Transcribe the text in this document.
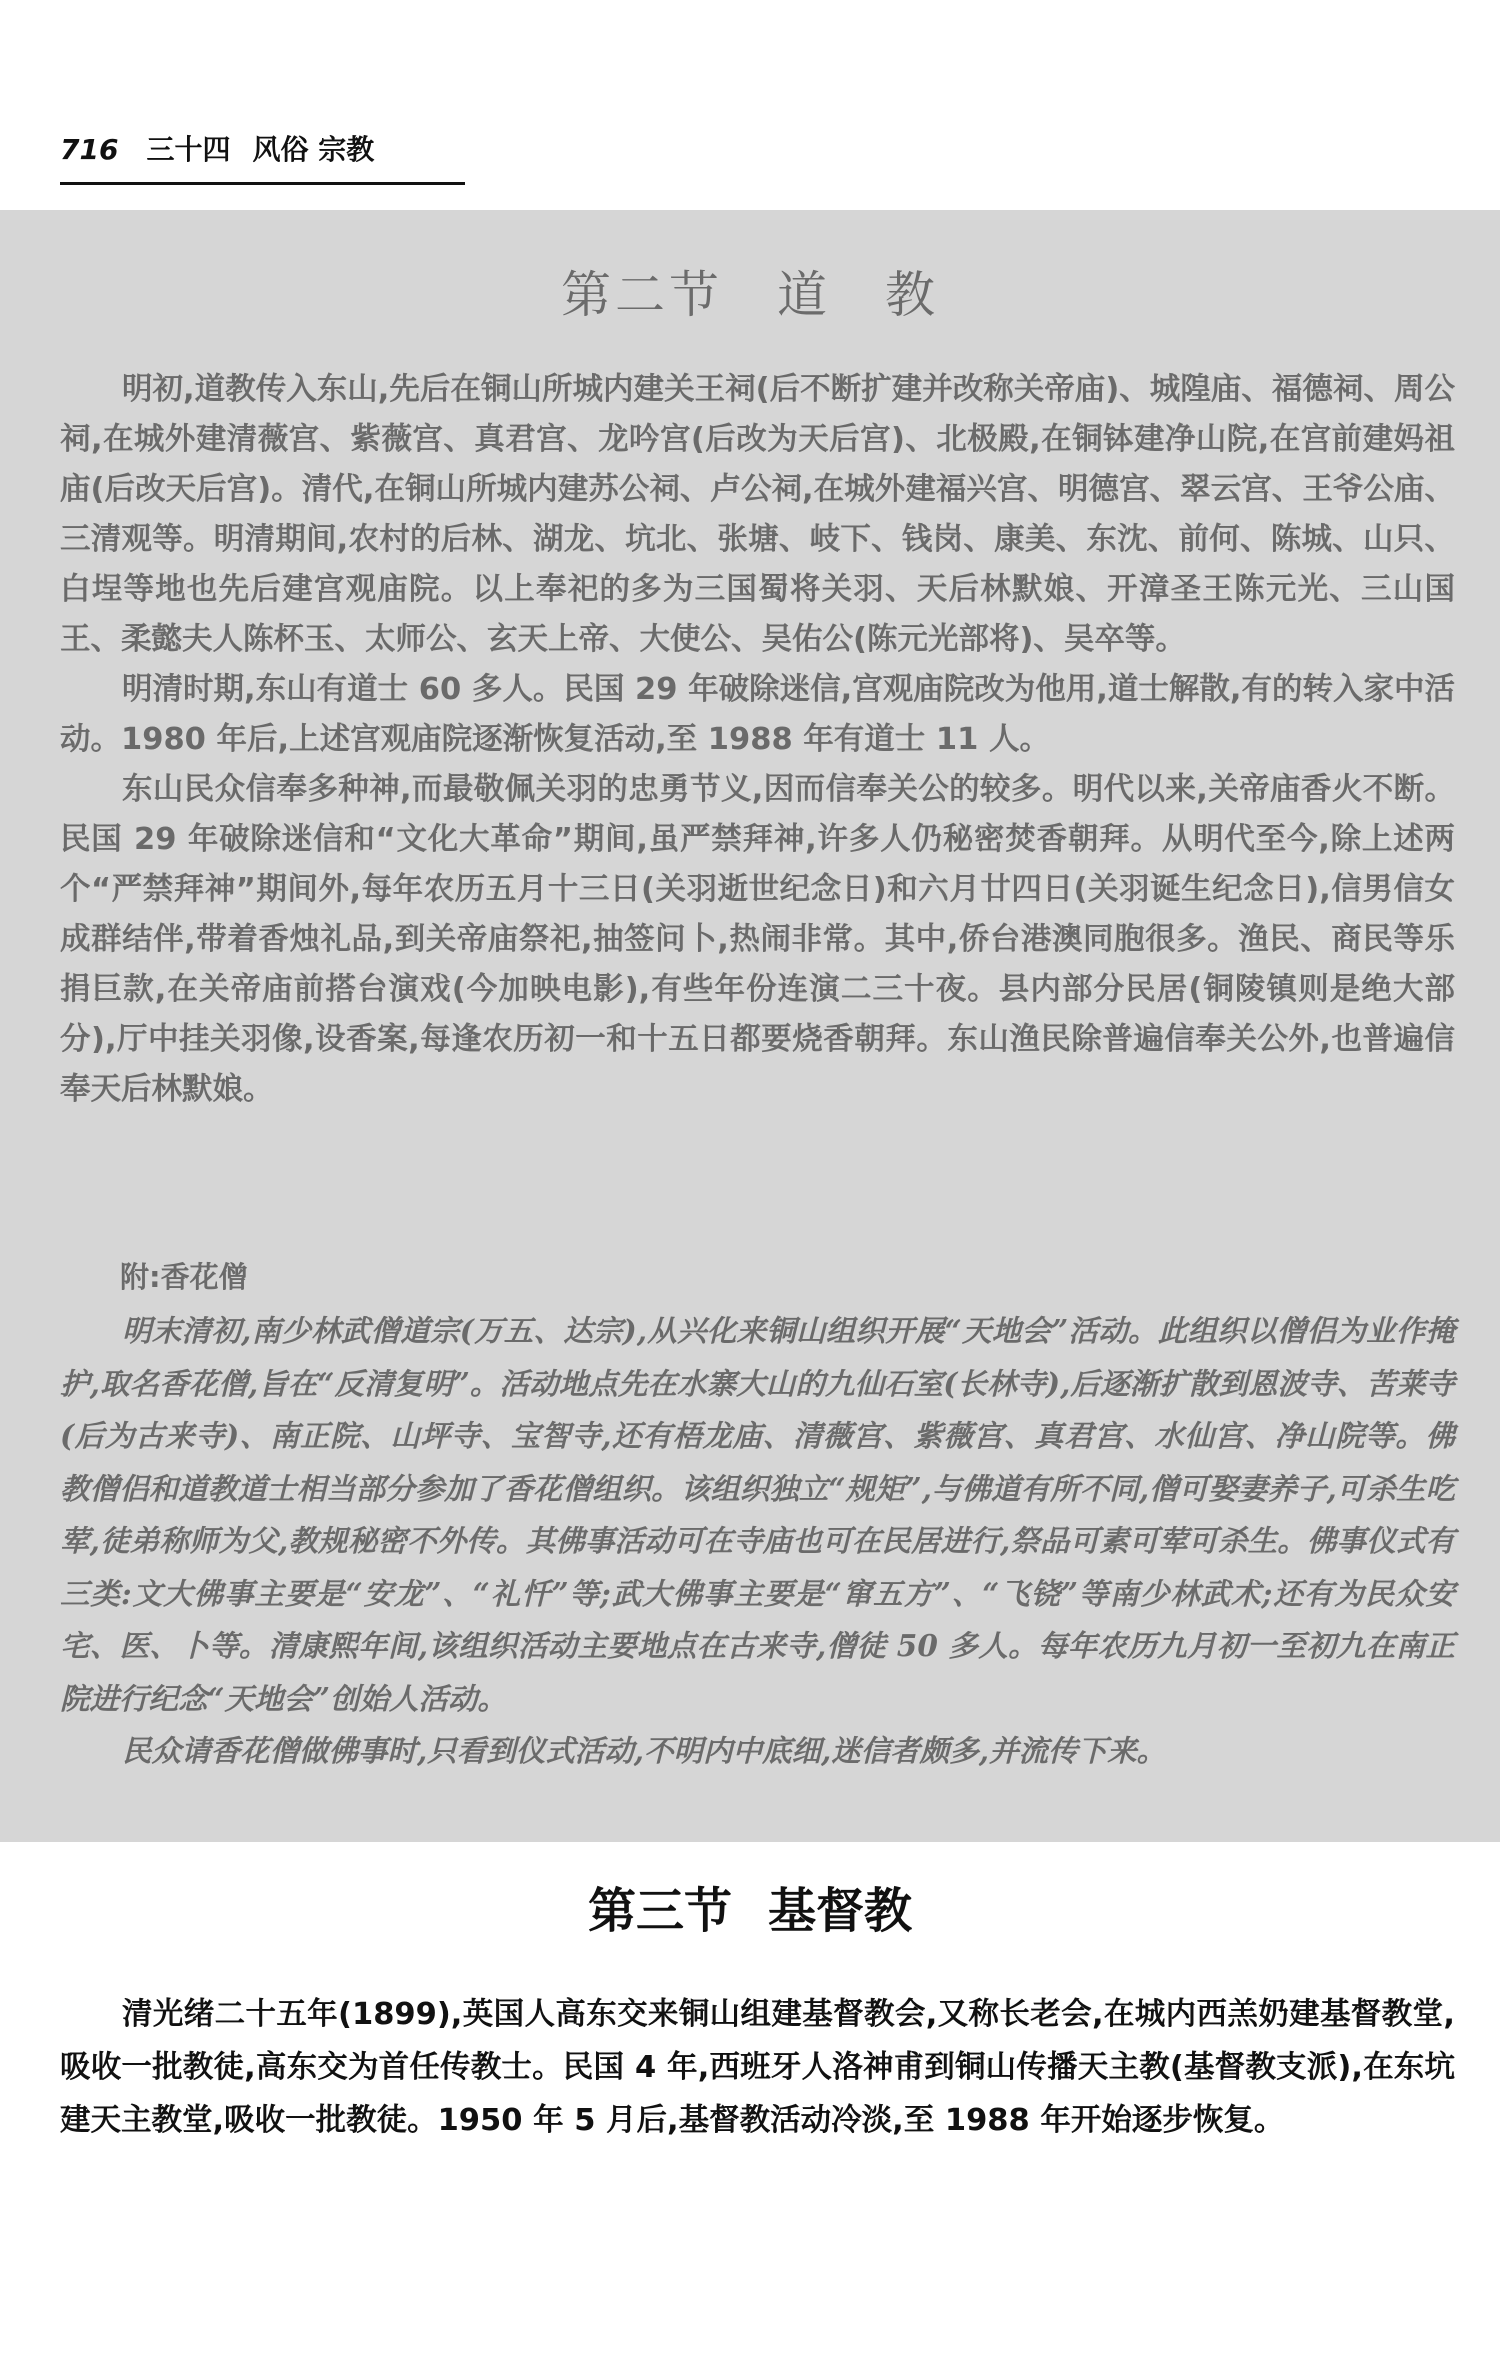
716 三十四 风俗 宗教
第二节　道　教

明初,道教传入东山,先后在铜山所城内建关王祠(后不断扩建并改称关帝庙)、城隍庙、福德祠、周公祠,在城外建清薇宫、紫薇宫、真君宫、龙吟宫(后改为天后宫)、北极殿,在铜钵建净山院,在宫前建妈祖庙(后改天后宫)。清代,在铜山所城内建苏公祠、卢公祠,在城外建福兴宫、明德宫、翠云宫、王爷公庙、三清观等。明清期间,农村的后林、湖龙、坑北、张塘、岐下、钱岗、康美、东沈、前何、陈城、山只、白埕等地也先后建宫观庙院。以上奉祀的多为三国蜀将关羽、天后林默娘、开漳圣王陈元光、三山国王、柔懿夫人陈杯玉、太师公、玄天上帝、大使公、吴佑公(陈元光部将)、吴卒等。

明清时期,东山有道士 60 多人。民国 29 年破除迷信,宫观庙院改为他用,道士解散,有的转入家中活动。1980 年后,上述宫观庙院逐渐恢复活动,至 1988 年有道士 11 人。

东山民众信奉多种神,而最敬佩关羽的忠勇节义,因而信奉关公的较多。明代以来,关帝庙香火不断。民国 29 年破除迷信和“文化大革命”期间,虽严禁拜神,许多人仍秘密焚香朝拜。从明代至今,除上述两个“严禁拜神”期间外,每年农历五月十三日(关羽逝世纪念日)和六月廿四日(关羽诞生纪念日),信男信女成群结伴,带着香烛礼品,到关帝庙祭祀,抽签问卜,热闹非常。其中,侨台港澳同胞很多。渔民、商民等乐捐巨款,在关帝庙前搭台演戏(今加映电影),有些年份连演二三十夜。县内部分民居(铜陵镇则是绝大部分),厅中挂关羽像,设香案,每逢农历初一和十五日都要烧香朝拜。东山渔民除普遍信奉关公外,也普遍信奉天后林默娘。

附:香花僧

明末清初,南少林武僧道宗(万五、达宗),从兴化来铜山组织开展“天地会”活动。此组织以僧侣为业作掩护,取名香花僧,旨在“反清复明”。活动地点先在水寨大山的九仙石室(长林寺),后逐渐扩散到恩波寺、苦莱寺(后为古来寺)、南正院、山坪寺、宝智寺,还有梧龙庙、清薇宫、紫薇宫、真君宫、水仙宫、净山院等。佛教僧侣和道教道士相当部分参加了香花僧组织。该组织独立“规矩”,与佛道有所不同,僧可娶妻养子,可杀生吃荤,徒弟称师为父,教规秘密不外传。其佛事活动可在寺庙也可在民居进行,祭品可素可荤可杀生。佛事仪式有三类:文大佛事主要是“安龙”、“礼忏”等;武大佛事主要是“窜五方”、“飞铙”等南少林武术;还有为民众安宅、医、卜等。清康熙年间,该组织活动主要地点在古来寺,僧徒 50 多人。每年农历九月初一至初九在南正院进行纪念“天地会”创始人活动。

民众请香花僧做佛事时,只看到仪式活动,不明内中底细,迷信者颇多,并流传下来。

第三节 基督教

清光绪二十五年(1899),英国人高东交来铜山组建基督教会,又称长老会,在城内西羔奶建基督教堂,吸收一批教徒,高东交为首任传教士。民国 4 年,西班牙人洛神甫到铜山传播天主教(基督教支派),在东坑建天主教堂,吸收一批教徒。1950 年 5 月后,基督教活动冷淡,至 1988 年开始逐步恢复。
